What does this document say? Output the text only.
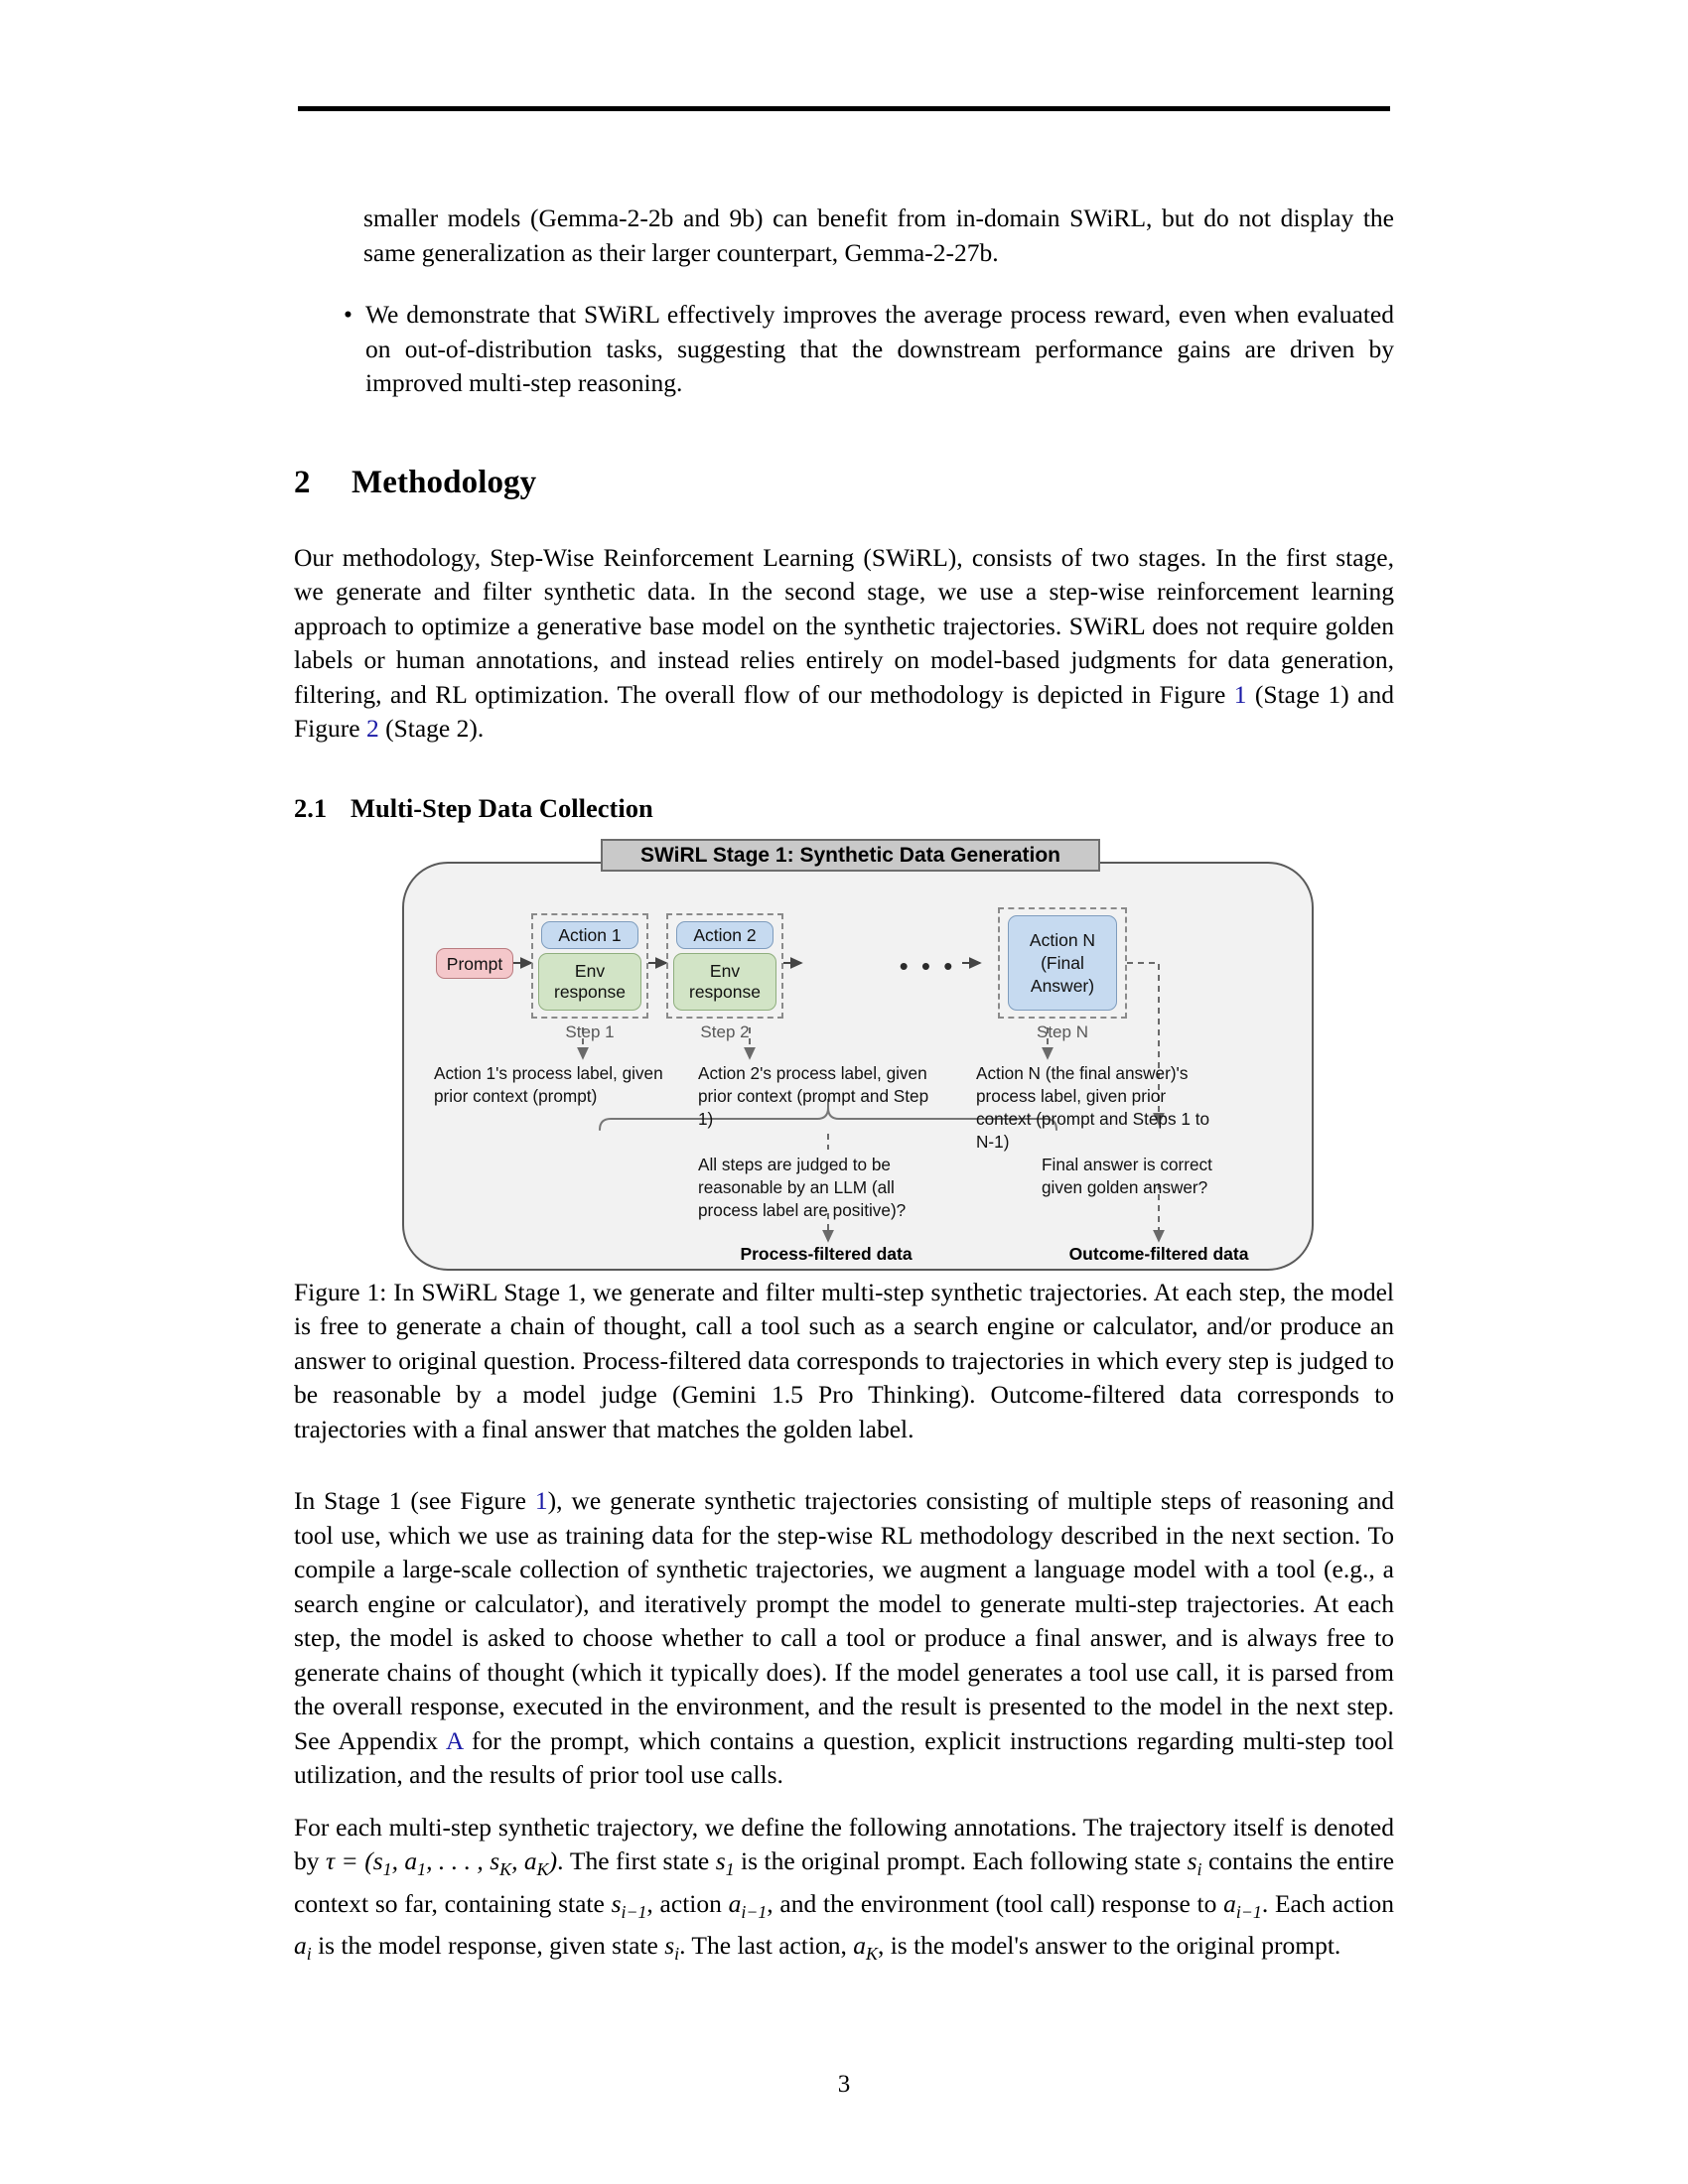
smaller models (Gemma-2-2b and 9b) can benefit from in-domain SWiRL, but do not display the same generalization as their larger counterpart, Gemma-2-27b.

• We demonstrate that SWiRL effectively improves the average process reward, even when evaluated on out-of-distribution tasks, suggesting that the downstream performance gains are driven by improved multi-step reasoning.
2 Methodology

Our methodology, Step-Wise Reinforcement Learning (SWiRL), consists of two stages. In the first stage, we generate and filter synthetic data. In the second stage, we use a step-wise reinforcement learning approach to optimize a generative base model on the synthetic trajectories. SWiRL does not require golden labels or human annotations, and instead relies entirely on model-based judgments for data generation, filtering, and RL optimization. The overall flow of our methodology is depicted in Figure 1 (Stage 1) and Figure 2 (Stage 2).

2.1 Multi-Step Data Collection

Figure 1: In SWiRL Stage 1, we generate and filter multi-step synthetic trajectories. At each step, the model is free to generate a chain of thought, call a tool such as a search engine or calculator, and/or produce an answer to original question. Process-filtered data corresponds to trajectories in which every step is judged to be reasonable by a model judge (Gemini 1.5 Pro Thinking). Outcome-filtered data corresponds to trajectories with a final answer that matches the golden label.

In Stage 1 (see Figure 1), we generate synthetic trajectories consisting of multiple steps of reasoning and tool use, which we use as training data for the step-wise RL methodology described in the next section. To compile a large-scale collection of synthetic trajectories, we augment a language model with a tool (e.g., a search engine or calculator), and iteratively prompt the model to generate multi-step trajectories. At each step, the model is asked to choose whether to call a tool or produce a final answer, and is always free to generate chains of thought (which it typically does). If the model generates a tool use call, it is parsed from the overall response, executed in the environment, and the result is presented to the model in the next step. See Appendix A for the prompt, which contains a question, explicit instructions regarding multi-step tool utilization, and the results of prior tool use calls.

For each multi-step synthetic trajectory, we define the following annotations. The trajectory itself is denoted by $\tau = (s_1$, $a_1$, . . . , $s_K$, $a_K$). The first state $s_1$ is the original prompt. Each following state $s_i$ contains the entire context so far, containing state $s_{i-1}$, action $a_{i-1}$, and the environment (tool call) response to $a_{i-1}$. Each action $a_i$ is the model response, given state $s_i$. The last action, $a_K$, is the model's answer to the original prompt.

Prompt
Action 1
Env response
Step 1
Action 2
Env response
Step 2
• • •
Action N (Final Answer)
Step N
Action 1's process label, given prior context (prompt)
Action 2's process label, given prior context (prompt and Step 1)
Action N (the final answer)'s process label, given prior context (prompt and Steps 1 to N-1)
All steps are judged to be reasonable by an LLM (all process label are positive)?
Final answer is correct given golden answer?
Process-filtered data	Outcome-filtered data
SWiRL Stage 1: Synthetic Data Generation
3
